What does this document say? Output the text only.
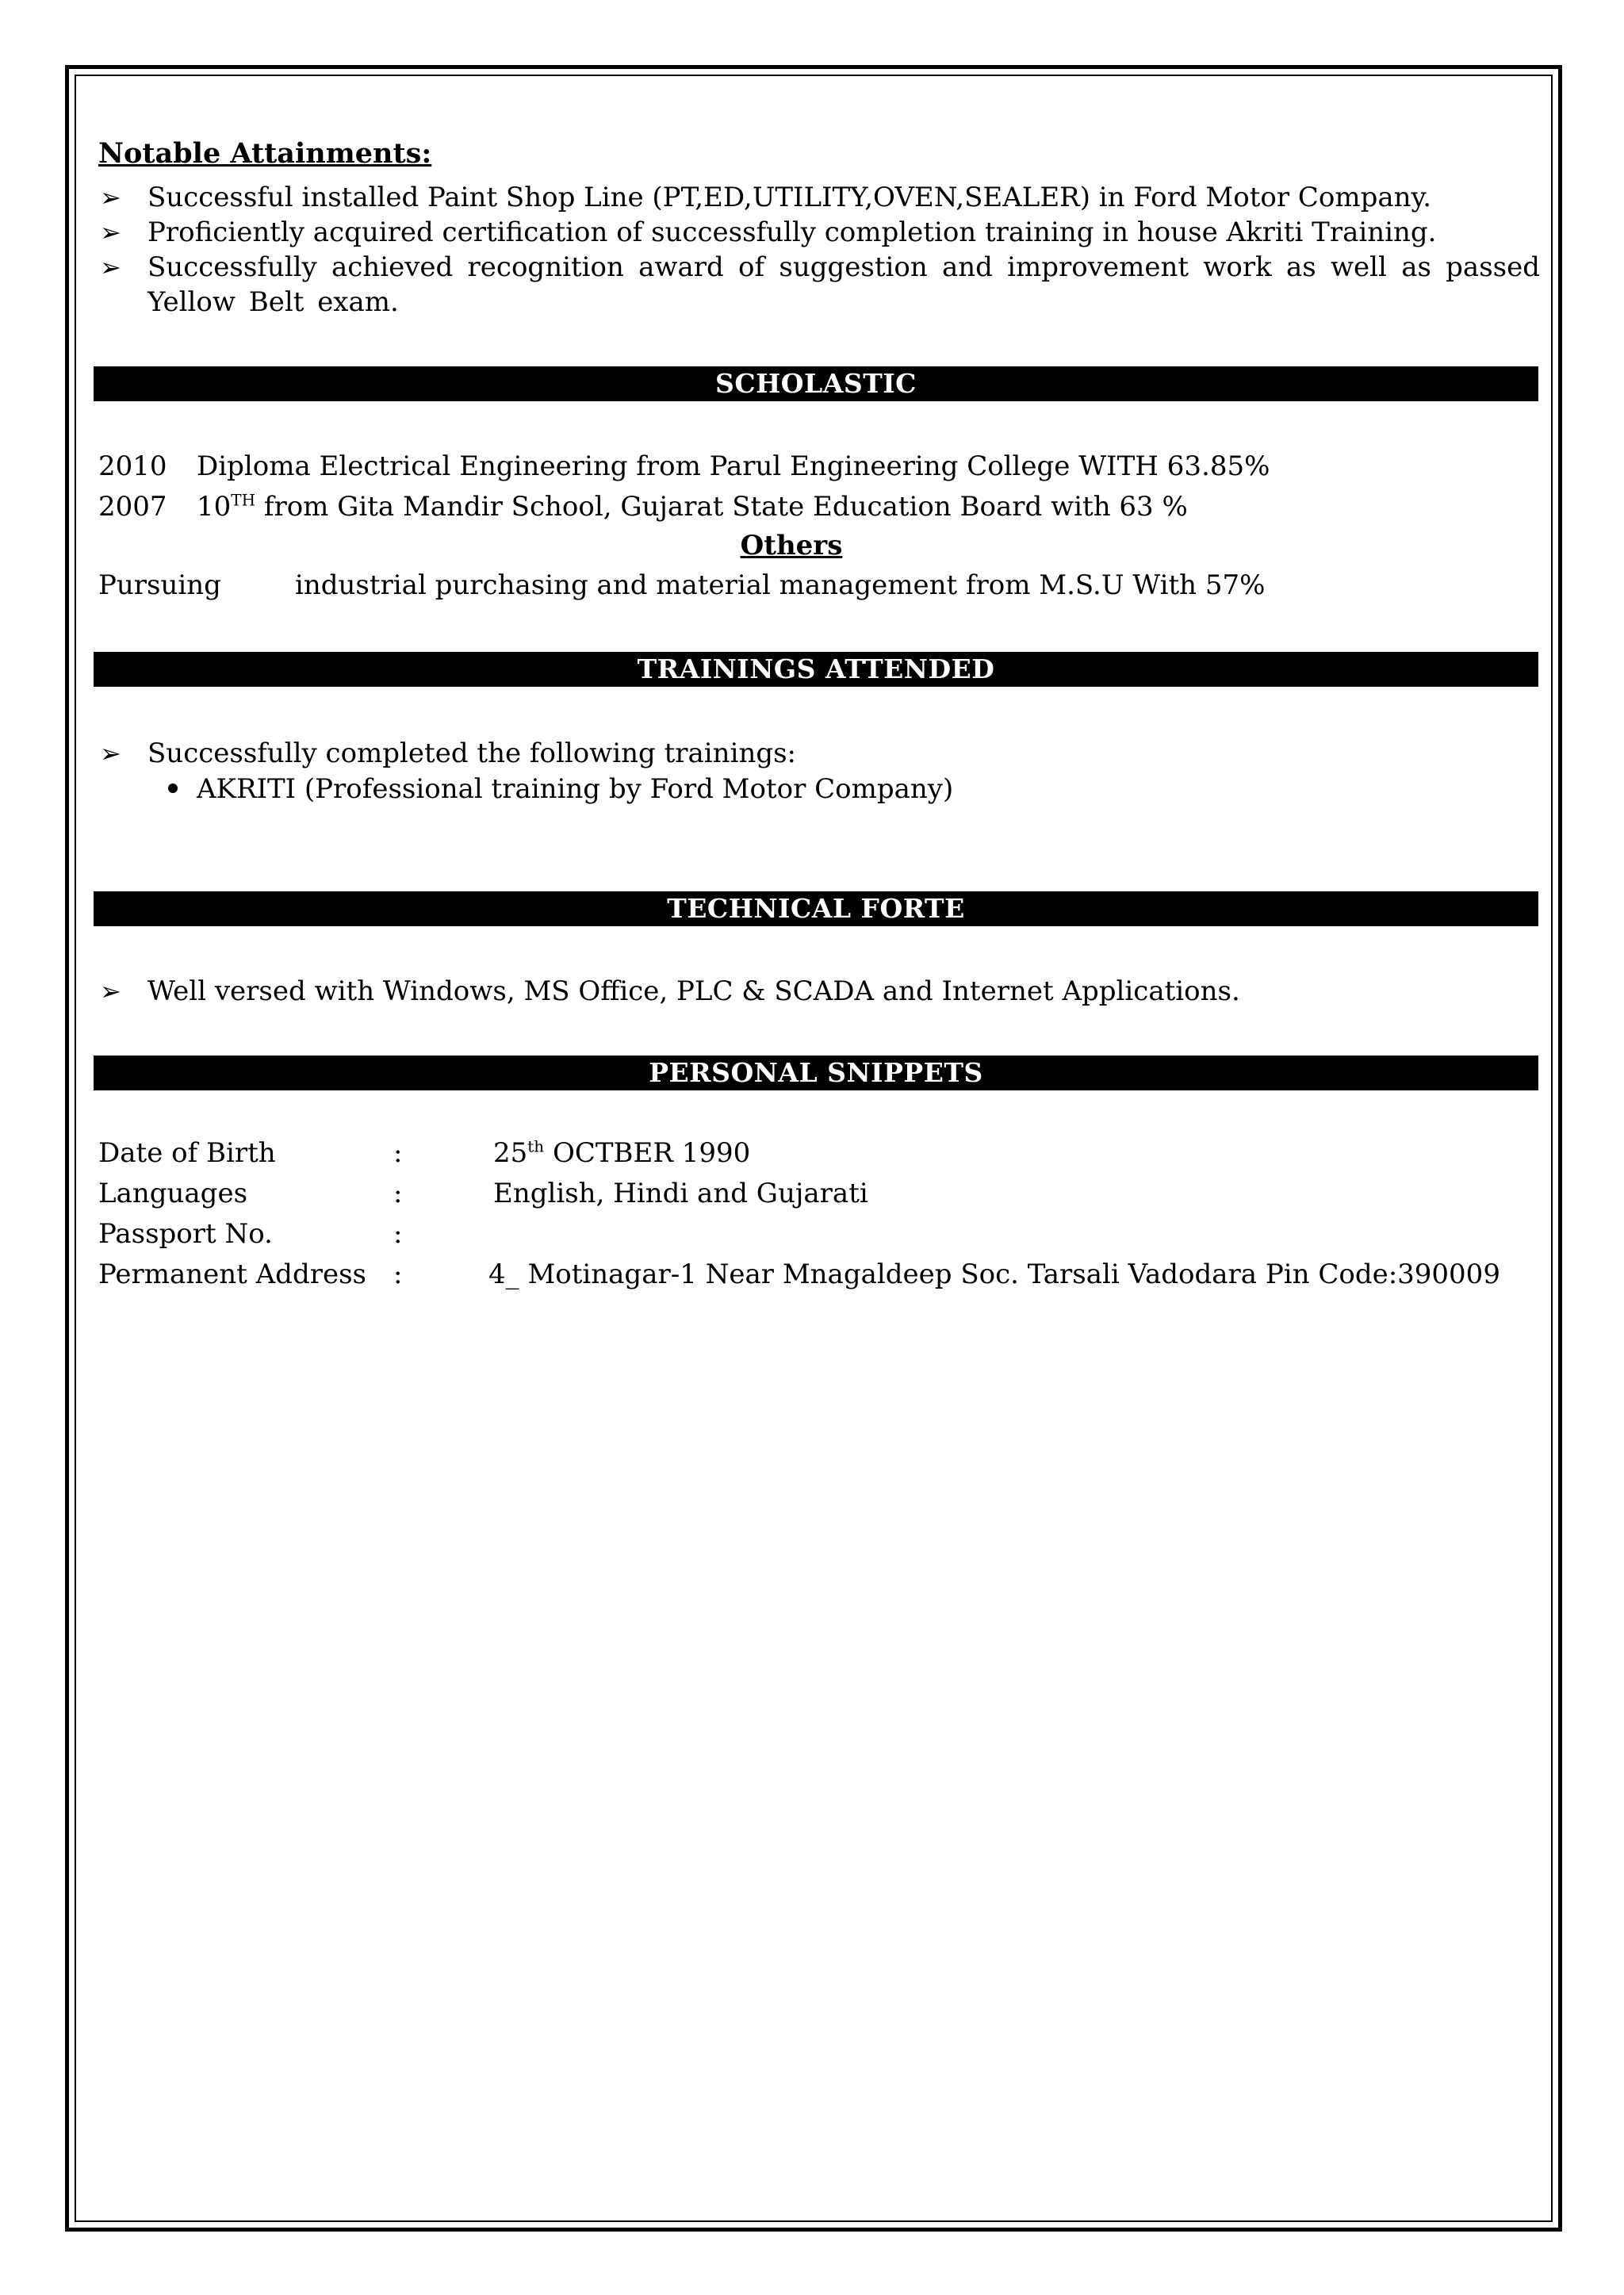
Notable Attainments:
➢ Successful installed Paint Shop Line (PT,ED,UTILITY,OVEN,SEALER) in Ford Motor Company.
➢ Proficiently acquired certification of successfully completion training in house Akriti Training.
➢ Successfully achieved recognition award of suggestion and improvement work as well as passed Yellow Belt exam.
SCHOLASTIC
2010 Diploma Electrical Engineering from Parul Engineering College WITH 63.85%
2007 10TH from Gita Mandir School, Gujarat State Education Board with 63 %
Others
Pursuing	industrial purchasing and material management from M.S.U With 57%
TRAININGS ATTENDED
➢ Successfully completed the following trainings:
AKRITI (Professional training by Ford Motor Company)
TECHNICAL FORTE
➢ Well versed with Windows, MS Office, PLC & SCADA and Internet Applications.
PERSONAL SNIPPETS
Date of Birth	:	25th OCTBER 1990
Languages	:	English, Hindi and Gujarati
Passport No.	:
Permanent Address :	4_ Motinagar-1 Near Mnagaldeep Soc. Tarsali Vadodara Pin Code:390009
